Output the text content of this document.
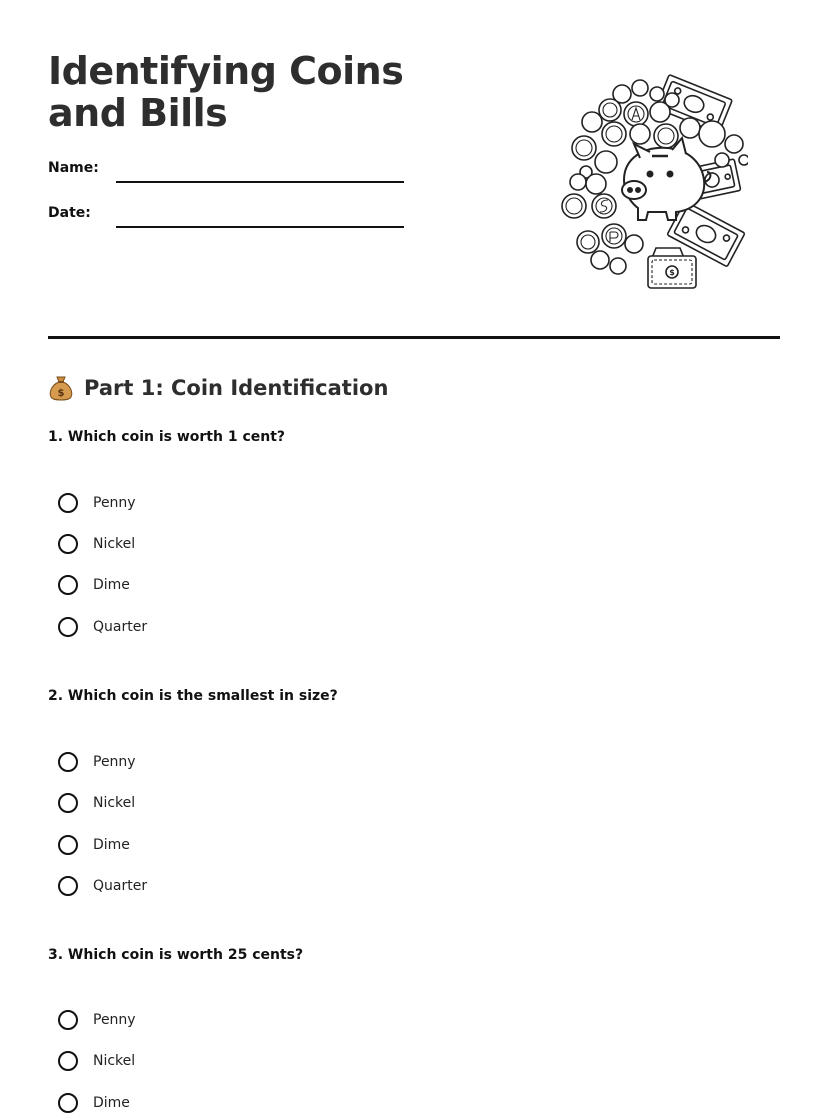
Identifying Coins and Bills
Name:
Date:
$
$ Part 1: Coin Identification
1. Which coin is worth 1 cent?
Penny
Nickel
Dime
Quarter
2. Which coin is the smallest in size?
Penny
Nickel
Dime
Quarter
3. Which coin is worth 25 cents?
Penny
Nickel
Dime
